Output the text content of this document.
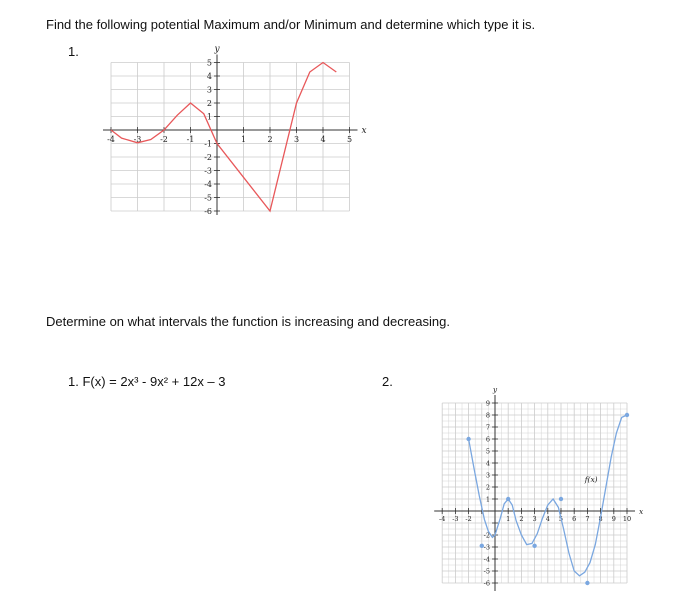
Find the following potential Maximum and/or Minimum and determine which type it is.
1.
-4 -3 -2 -1	1	2	3	4	5
5
4
3
2
1
-1
-2
-3
-4
-5
-6
x
y
Determine on what intervals the function is increasing and decreasing.
1. F(x) = 2x³ - 9x² + 12x – 3	2.
-4 -3 -2	1 2 3 4 5 6 7 8 9 10
9
8
7
6
5
4
3
2
1
-2
-3
-4
-5
-6
x
y
f(x)
